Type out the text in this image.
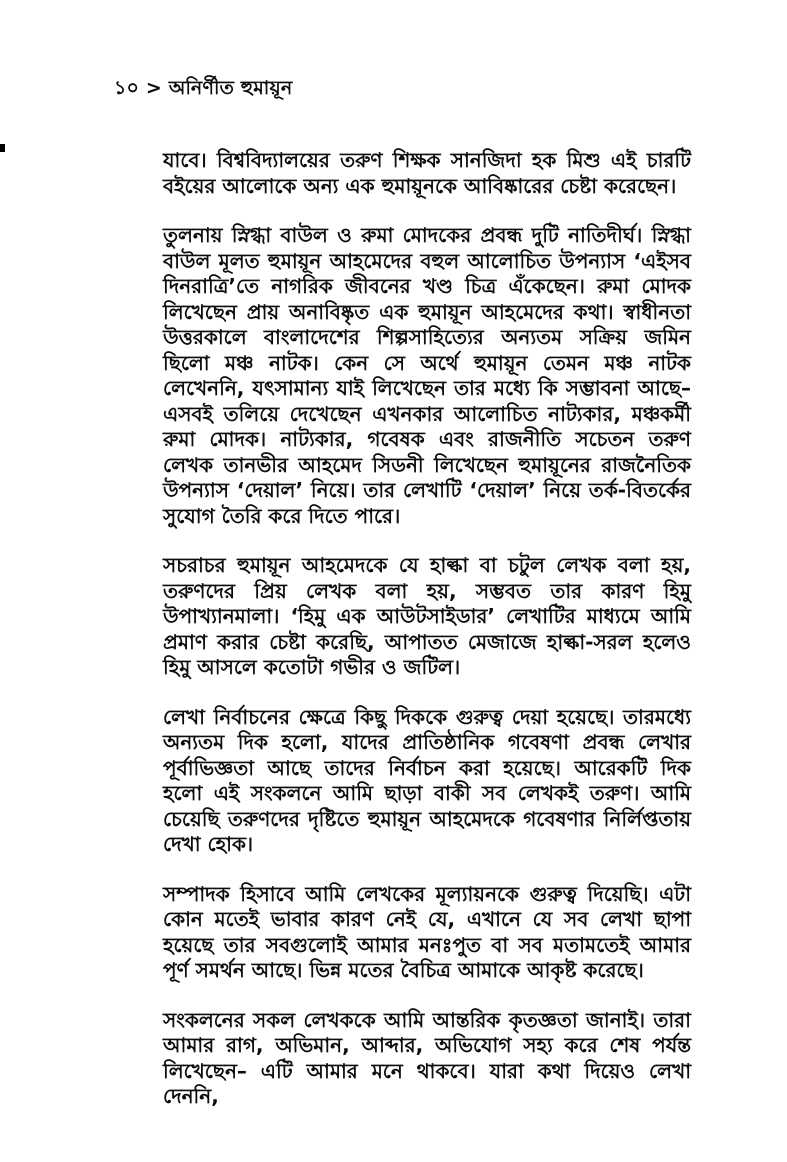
১০ > অনির্ণীত হুমায়ূন

যাবে। বিশ্ববিদ্যালয়ের তরুণ শিক্ষক সানজিদা হক মিশু এই চারটি বইয়ের আলোকে অন্য এক হুমায়ূনকে আবিষ্কারের চেষ্টা করেছেন।

তুলনায় স্নিগ্ধা বাউল ও রুমা মোদকের প্রবন্ধ দুটি নাতিদীর্ঘ। স্নিগ্ধা বাউল মূলত হুমায়ূন আহমেদের বহুল আলোচিত উপন্যাস ‘এইসব দিনরাত্রি’তে নাগরিক জীবনের খণ্ড চিত্র এঁকেছেন। রুমা মোদক লিখেছেন প্রায় অনাবিষ্কৃত এক হুমায়ূন আহমেদের কথা। স্বাধীনতা উত্তরকালে বাংলাদেশের শিল্পসাহিত্যের অন্যতম সক্রিয় জমিন ছিলো মঞ্চ নাটক। কেন সে অর্থে হুমায়ূন তেমন মঞ্চ নাটক লেখেননি, যৎসামান্য যাই লিখেছেন তার মধ্যে কি সম্ভাবনা আছে– এসবই তলিয়ে দেখেছেন এখনকার আলোচিত নাট্যকার, মঞ্চকর্মী রুমা মোদক। নাট্যকার, গবেষক এবং রাজনীতি সচেতন তরুণ লেখক তানভীর আহমেদ সিডনী লিখেছেন হুমায়ূনের রাজনৈতিক উপন্যাস ‘দেয়াল’ নিয়ে। তার লেখাটি ‘দেয়াল’ নিয়ে তর্ক-বিতর্কের সুযোগ তৈরি করে দিতে পারে।

সচরাচর হুমায়ূন আহমেদকে যে হাল্কা বা চটুল লেখক বলা হয়, তরুণদের প্রিয় লেখক বলা হয়, সম্ভবত তার কারণ হিমু উপাখ্যানমালা। ‘হিমু এক আউটসাইডার’ লেখাটির মাধ্যমে আমি প্রমাণ করার চেষ্টা করেছি, আপাতত মেজাজে হাল্কা-সরল হলেও হিমু আসলে কতোটা গভীর ও জটিল।

লেখা নির্বাচনের ক্ষেত্রে কিছু দিককে গুরুত্ব দেয়া হয়েছে। তারমধ্যে অন্যতম দিক হলো, যাদের প্রাতিষ্ঠানিক গবেষণা প্রবন্ধ লেখার পূর্বাভিজ্ঞতা আছে তাদের নির্বাচন করা হয়েছে। আরেকটি দিক হলো এই সংকলনে আমি ছাড়া বাকী সব লেখকই তরুণ। আমি চেয়েছি তরুণদের দৃষ্টিতে হুমায়ূন আহমেদকে গবেষণার নির্লিপ্ততায় দেখা হোক।

সম্পাদক হিসাবে আমি লেখকের মূল্যায়নকে গুরুত্ব দিয়েছি। এটা কোন মতেই ভাবার কারণ নেই যে, এখানে যে সব লেখা ছাপা হয়েছে তার সবগুলোই আমার মনঃপুত বা সব মতামতেই আমার পূর্ণ সমর্থন আছে। ভিন্ন মতের বৈচিত্র আমাকে আকৃষ্ট করেছে।

সংকলনের সকল লেখককে আমি আন্তরিক কৃতজ্ঞতা জানাই। তারা আমার রাগ, অভিমান, আব্দার, অভিযোগ সহ্য করে শেষ পর্যন্ত লিখেছেন– এটি আমার মনে থাকবে। যারা কথা দিয়েও লেখা দেননি,
